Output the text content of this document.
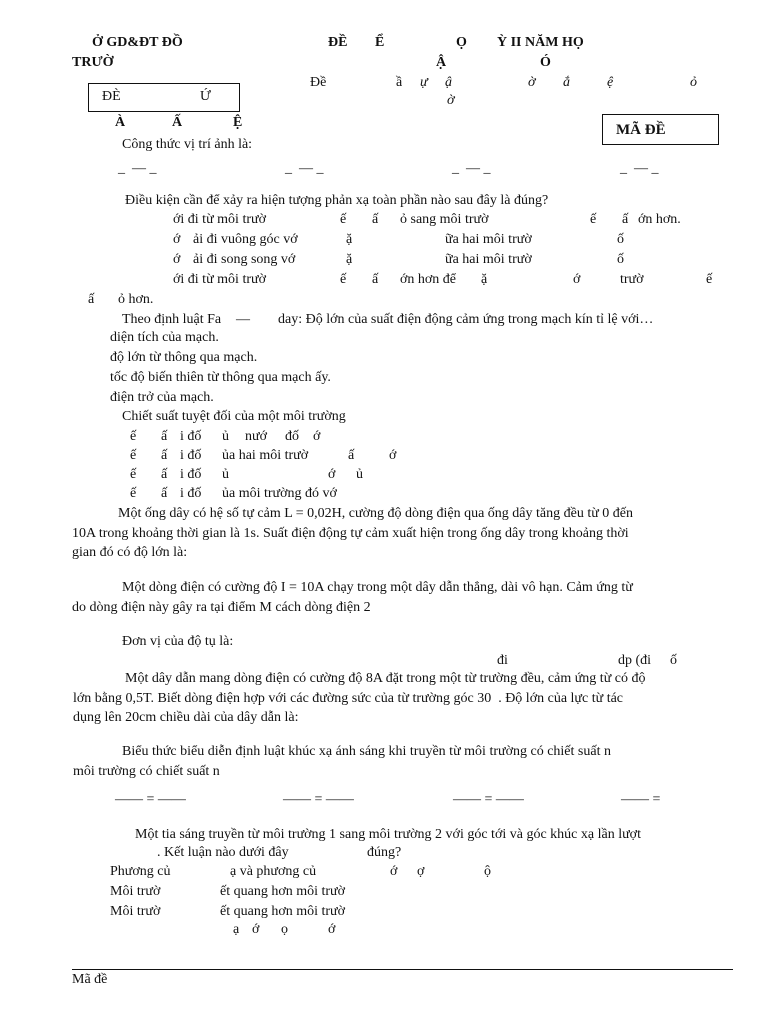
Ở GD&ĐT ĐỒ
TRƯỜ
ĐỀ Ể	Ọ Ỳ II NĂM HỌ
Ậ	Ó
Đề	ầ ự ậ	ờ ắ	ệ	ỏ
ờ
ĐÈ	Ứ
À	Ấ	Ệ	MÃ ĐỀ
Công thức vị trí ảnh là:
_  — _	_  — _	_  — _	_  — _
Điều kiện cần để xảy ra hiện tượng phản xạ toàn phần nào sau đây là đúng?
ới đi từ môi trườ	ế ấ ỏ sang môi trườ	ế ấ ớn hơn.
ớ ải đi vuông góc vớ	ặ	ữa hai môi trườ	ố
ớ ải đi song song vớ	ặ	ữa hai môi trườ	ố
ới đi từ môi trườ	ế ấ ớn hơn để ặ	ớ	trườ	ế
ấ ỏ hơn.
Theo định luật Fa — day: Độ lớn của suất điện động cảm ứng trong mạch kín tỉ lệ với…
diện tích của mạch.
độ lớn từ thông qua mạch.
tốc độ biến thiên từ thông qua mạch ấy.
điện trở của mạch.
Chiết suất tuyệt đối của một môi trường
ế ấ i đố ủ nướ đố ớ
ế ấ i đố ủa hai môi trườ	ấ ớ
ế ấ i đố ủ	ớ ủ
ế ấ i đố ủa môi trường đó vớ
Một ống dây có hệ số tự cảm L = 0,02H, cường độ dòng điện qua ống dây tăng đều từ 0 đến
10A trong khoảng thời gian là 1s. Suất điện động tự cảm xuất hiện trong ống dây trong khoảng thời
gian đó có độ lớn là:
Một dòng điện có cường độ I = 10A chạy trong một dây dẫn thẳng, dài vô hạn. Cảm ứng từ
do dòng điện này gây ra tại điểm M cách dòng điện 2
Đơn vị của độ tụ là:
đi	dp (đi ố
Một dây dẫn mang dòng điện có cường độ 8A đặt trong một từ trường đều, cảm ứng từ có độ
lớn bằng 0,5T. Biết dòng điện hợp với các đường sức của từ trường góc 30  . Độ lớn của lực từ tác
dụng lên 20cm chiều dài của dây dẫn là:
Biểu thức biểu diễn định luật khúc xạ ánh sáng khi truyền từ môi trường có chiết suất n
môi trường có chiết suất n
—— = ——	—— = ——	—— = ——	—— =
Một tia sáng truyền từ môi trường 1 sang môi trường 2 với góc tới và góc khúc xạ lần lượt
. Kết luận nào dưới đây	đúng?
Phương củ	ạ và phương củ	ớ ợ	ộ
Môi trườ	ết quang hơn môi trườ
Môi trườ	ết quang hơn môi trườ
ạ ớ ọ	ớ
Mã đề
